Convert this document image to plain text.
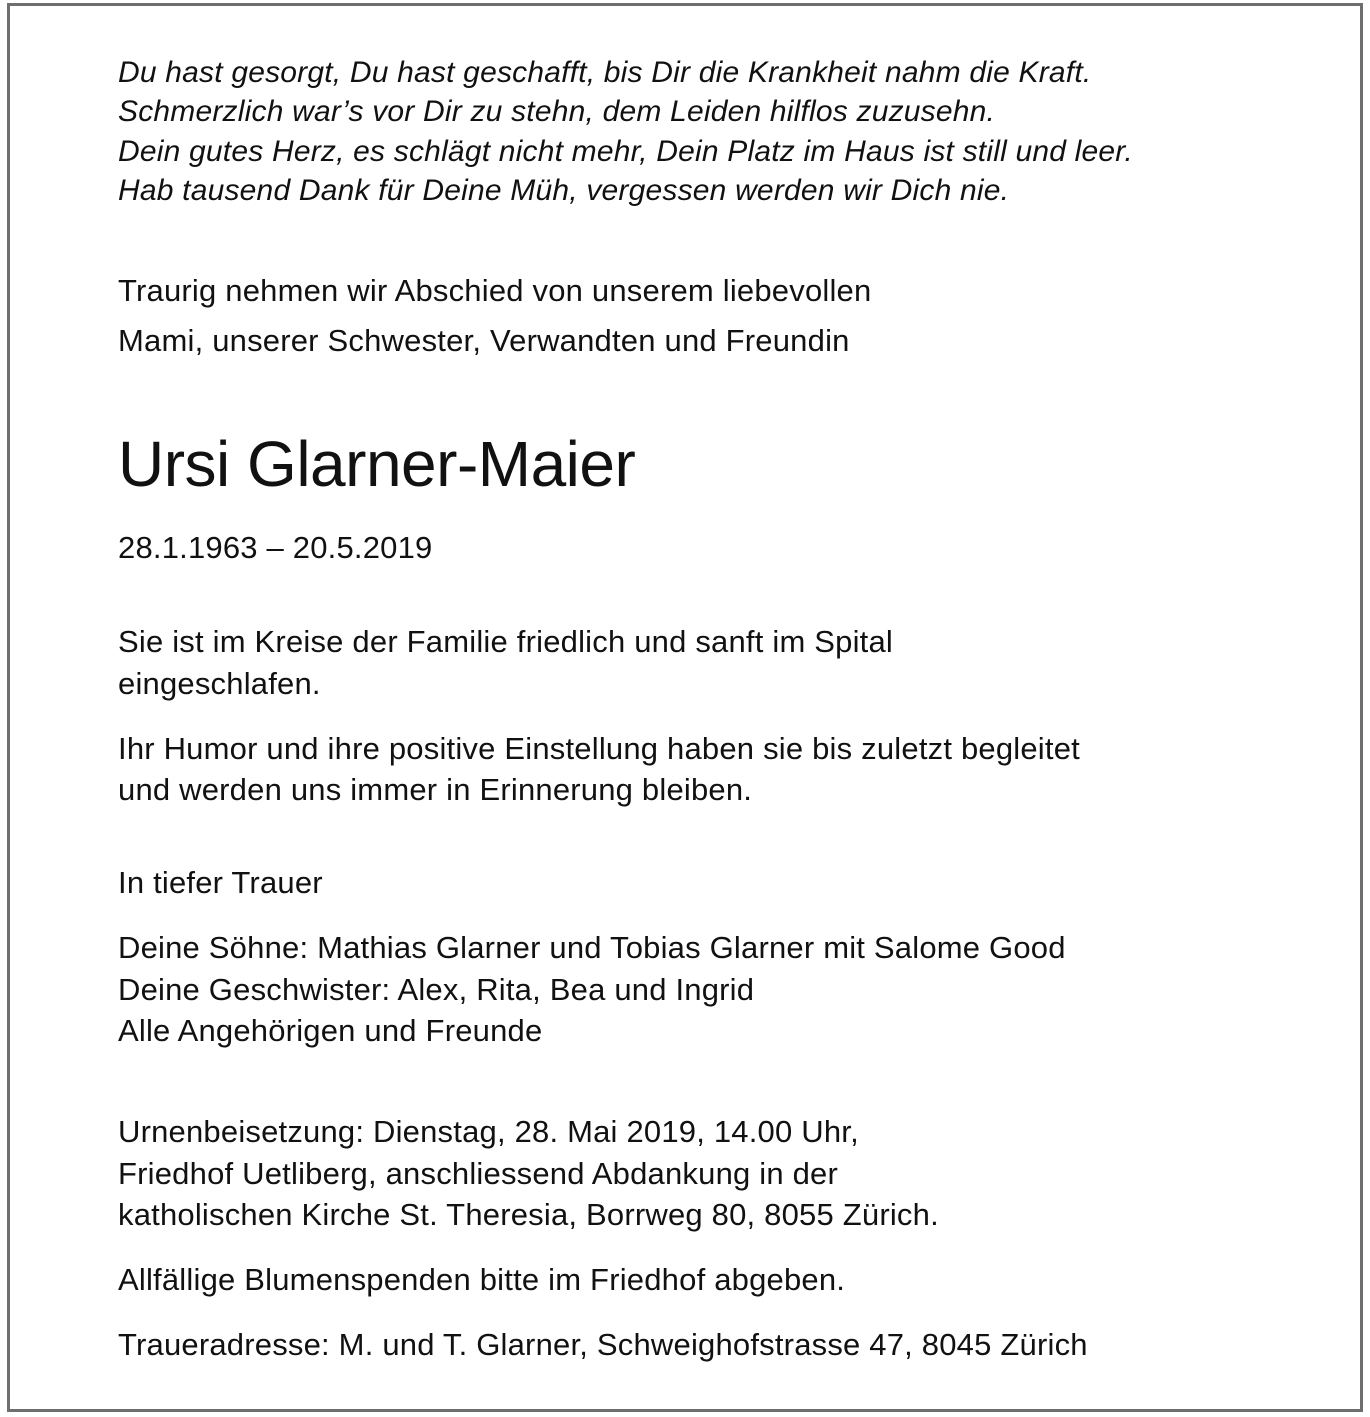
Du hast gesorgt, Du hast geschafft, bis Dir die Krankheit nahm die Kraft.
Schmerzlich war’s vor Dir zu stehn, dem Leiden hilflos zuzusehn.
Dein gutes Herz, es schlägt nicht mehr, Dein Platz im Haus ist still und leer.
Hab tausend Dank für Deine Müh, vergessen werden wir Dich nie.
Traurig nehmen wir Abschied von unserem liebevollen
Mami, unserer Schwester, Verwandten und Freundin
Ursi Glarner-Maier
28.1.1963 – 20.5.2019
Sie ist im Kreise der Familie friedlich und sanft im Spital
eingeschlafen.
Ihr Humor und ihre positive Einstellung haben sie bis zuletzt begleitet
und werden uns immer in Erinnerung bleiben.
In tiefer Trauer
Deine Söhne: Mathias Glarner und Tobias Glarner mit Salome Good
Deine Geschwister: Alex, Rita, Bea und Ingrid
Alle Angehörigen und Freunde
Urnenbeisetzung: Dienstag, 28. Mai 2019, 14.00 Uhr,
Friedhof Uetliberg, anschliessend Abdankung in der
katholischen Kirche St. Theresia, Borrweg 80, 8055 Zürich.
Allfällige Blumenspenden bitte im Friedhof abgeben.
Traueradresse: M. und T. Glarner, Schweighofstrasse 47, 8045 Zürich
